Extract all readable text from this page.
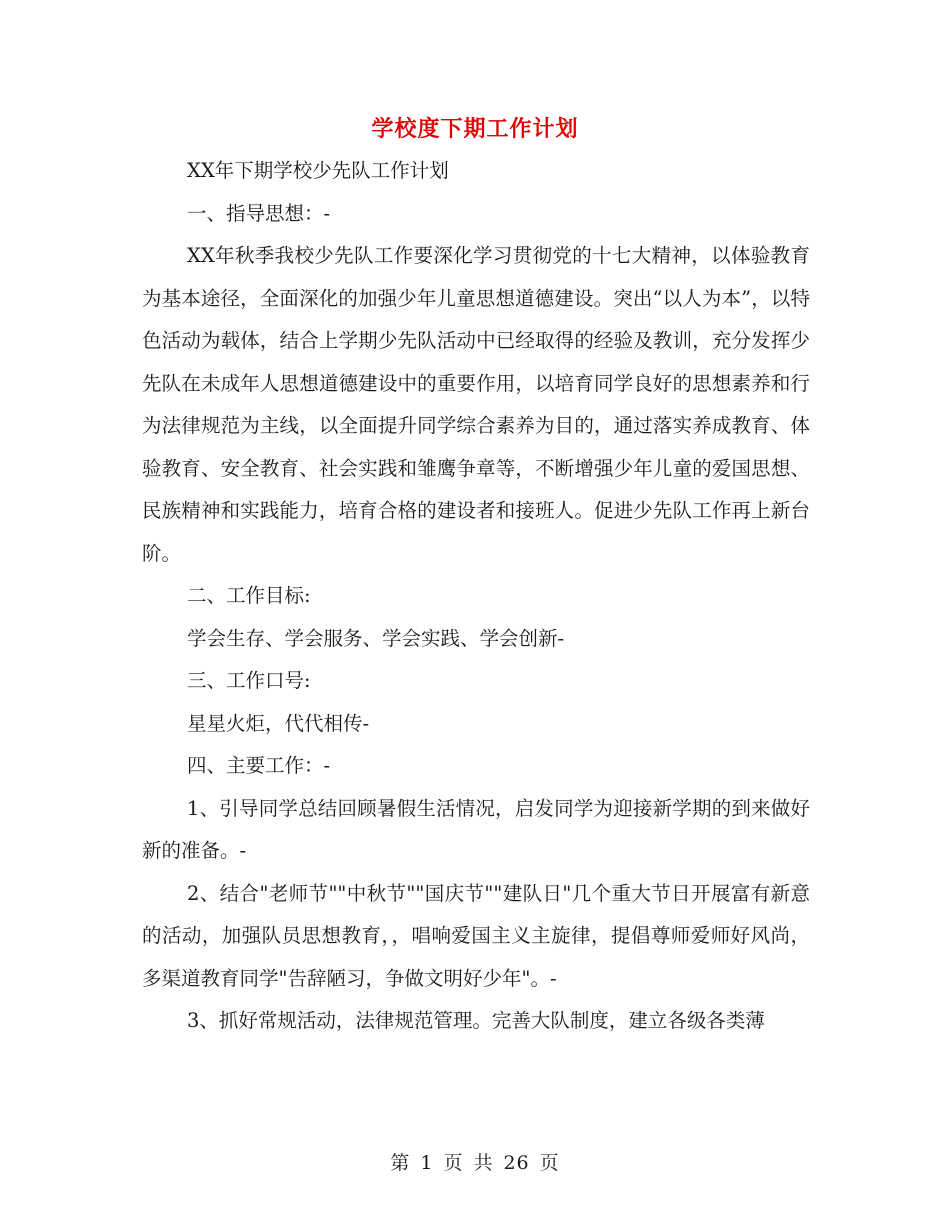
学校度下期工作计划

XX年下期学校少先队工作计划

一、指导思想：-

XX年秋季我校少先队工作要深化学习贯彻党的十七大精神，以体验教育为基本途径，全面深化的加强少年儿童思想道德建设。突出“以人为本”，以特色活动为载体，结合上学期少先队活动中已经取得的经验及教训，充分发挥少先队在未成年人思想道德建设中的重要作用，以培育同学良好的思想素养和行为法律规范为主线，以全面提升同学综合素养为目的，通过落实养成教育、体验教育、安全教育、社会实践和雏鹰争章等，不断增强少年儿童的爱国思想、民族精神和实践能力，培育合格的建设者和接班人。促进少先队工作再上新台阶。

二、工作目标:

学会生存、学会服务、学会实践、学会创新-

三、工作口号:

星星火炬，代代相传-

四、主要工作：-

1、引导同学总结回顾暑假生活情况，启发同学为迎接新学期的到来做好新的准备。-

2、结合"老师节""中秋节""国庆节""建队日"几个重大节日开展富有新意的活动，加强队员思想教育，，唱响爱国主义主旋律，提倡尊师爱师好风尚，多渠道教育同学"告辞陋习，争做文明好少年"。-

3、抓好常规活动，法律规范管理。完善大队制度，建立各级各类薄

第 1 页 共 26 页
